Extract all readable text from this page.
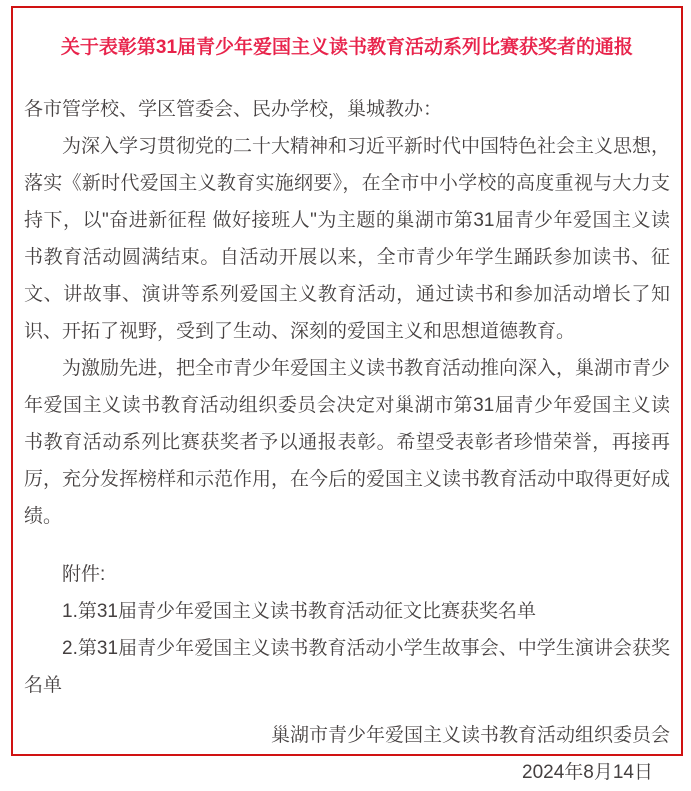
关于表彰第31届青少年爱国主义读书教育活动系列比赛获奖者的通报

各市管学校、学区管委会、民办学校，巢城教办：

为深入学习贯彻党的二十大精神和习近平新时代中国特色社会主义思想，落实《新时代爱国主义教育实施纲要》，在全市中小学校的高度重视与大力支持下，以"奋进新征程 做好接班人"为主题的巢湖市第31届青少年爱国主义读书教育活动圆满结束。自活动开展以来，全市青少年学生踊跃参加读书、征文、讲故事、演讲等系列爱国主义教育活动，通过读书和参加活动增长了知识、开拓了视野，受到了生动、深刻的爱国主义和思想道德教育。

为激励先进，把全市青少年爱国主义读书教育活动推向深入，巢湖市青少年爱国主义读书教育活动组织委员会决定对巢湖市第31届青少年爱国主义读书教育活动系列比赛获奖者予以通报表彰。希望受表彰者珍惜荣誉，再接再厉，充分发挥榜样和示范作用，在今后的爱国主义读书教育活动中取得更好成绩。

附件:

1.第31届青少年爱国主义读书教育活动征文比赛获奖名单

2.第31届青少年爱国主义读书教育活动小学生故事会、中学生演讲会获奖名单

巢湖市青少年爱国主义读书教育活动组织委员会

2024年8月14日
